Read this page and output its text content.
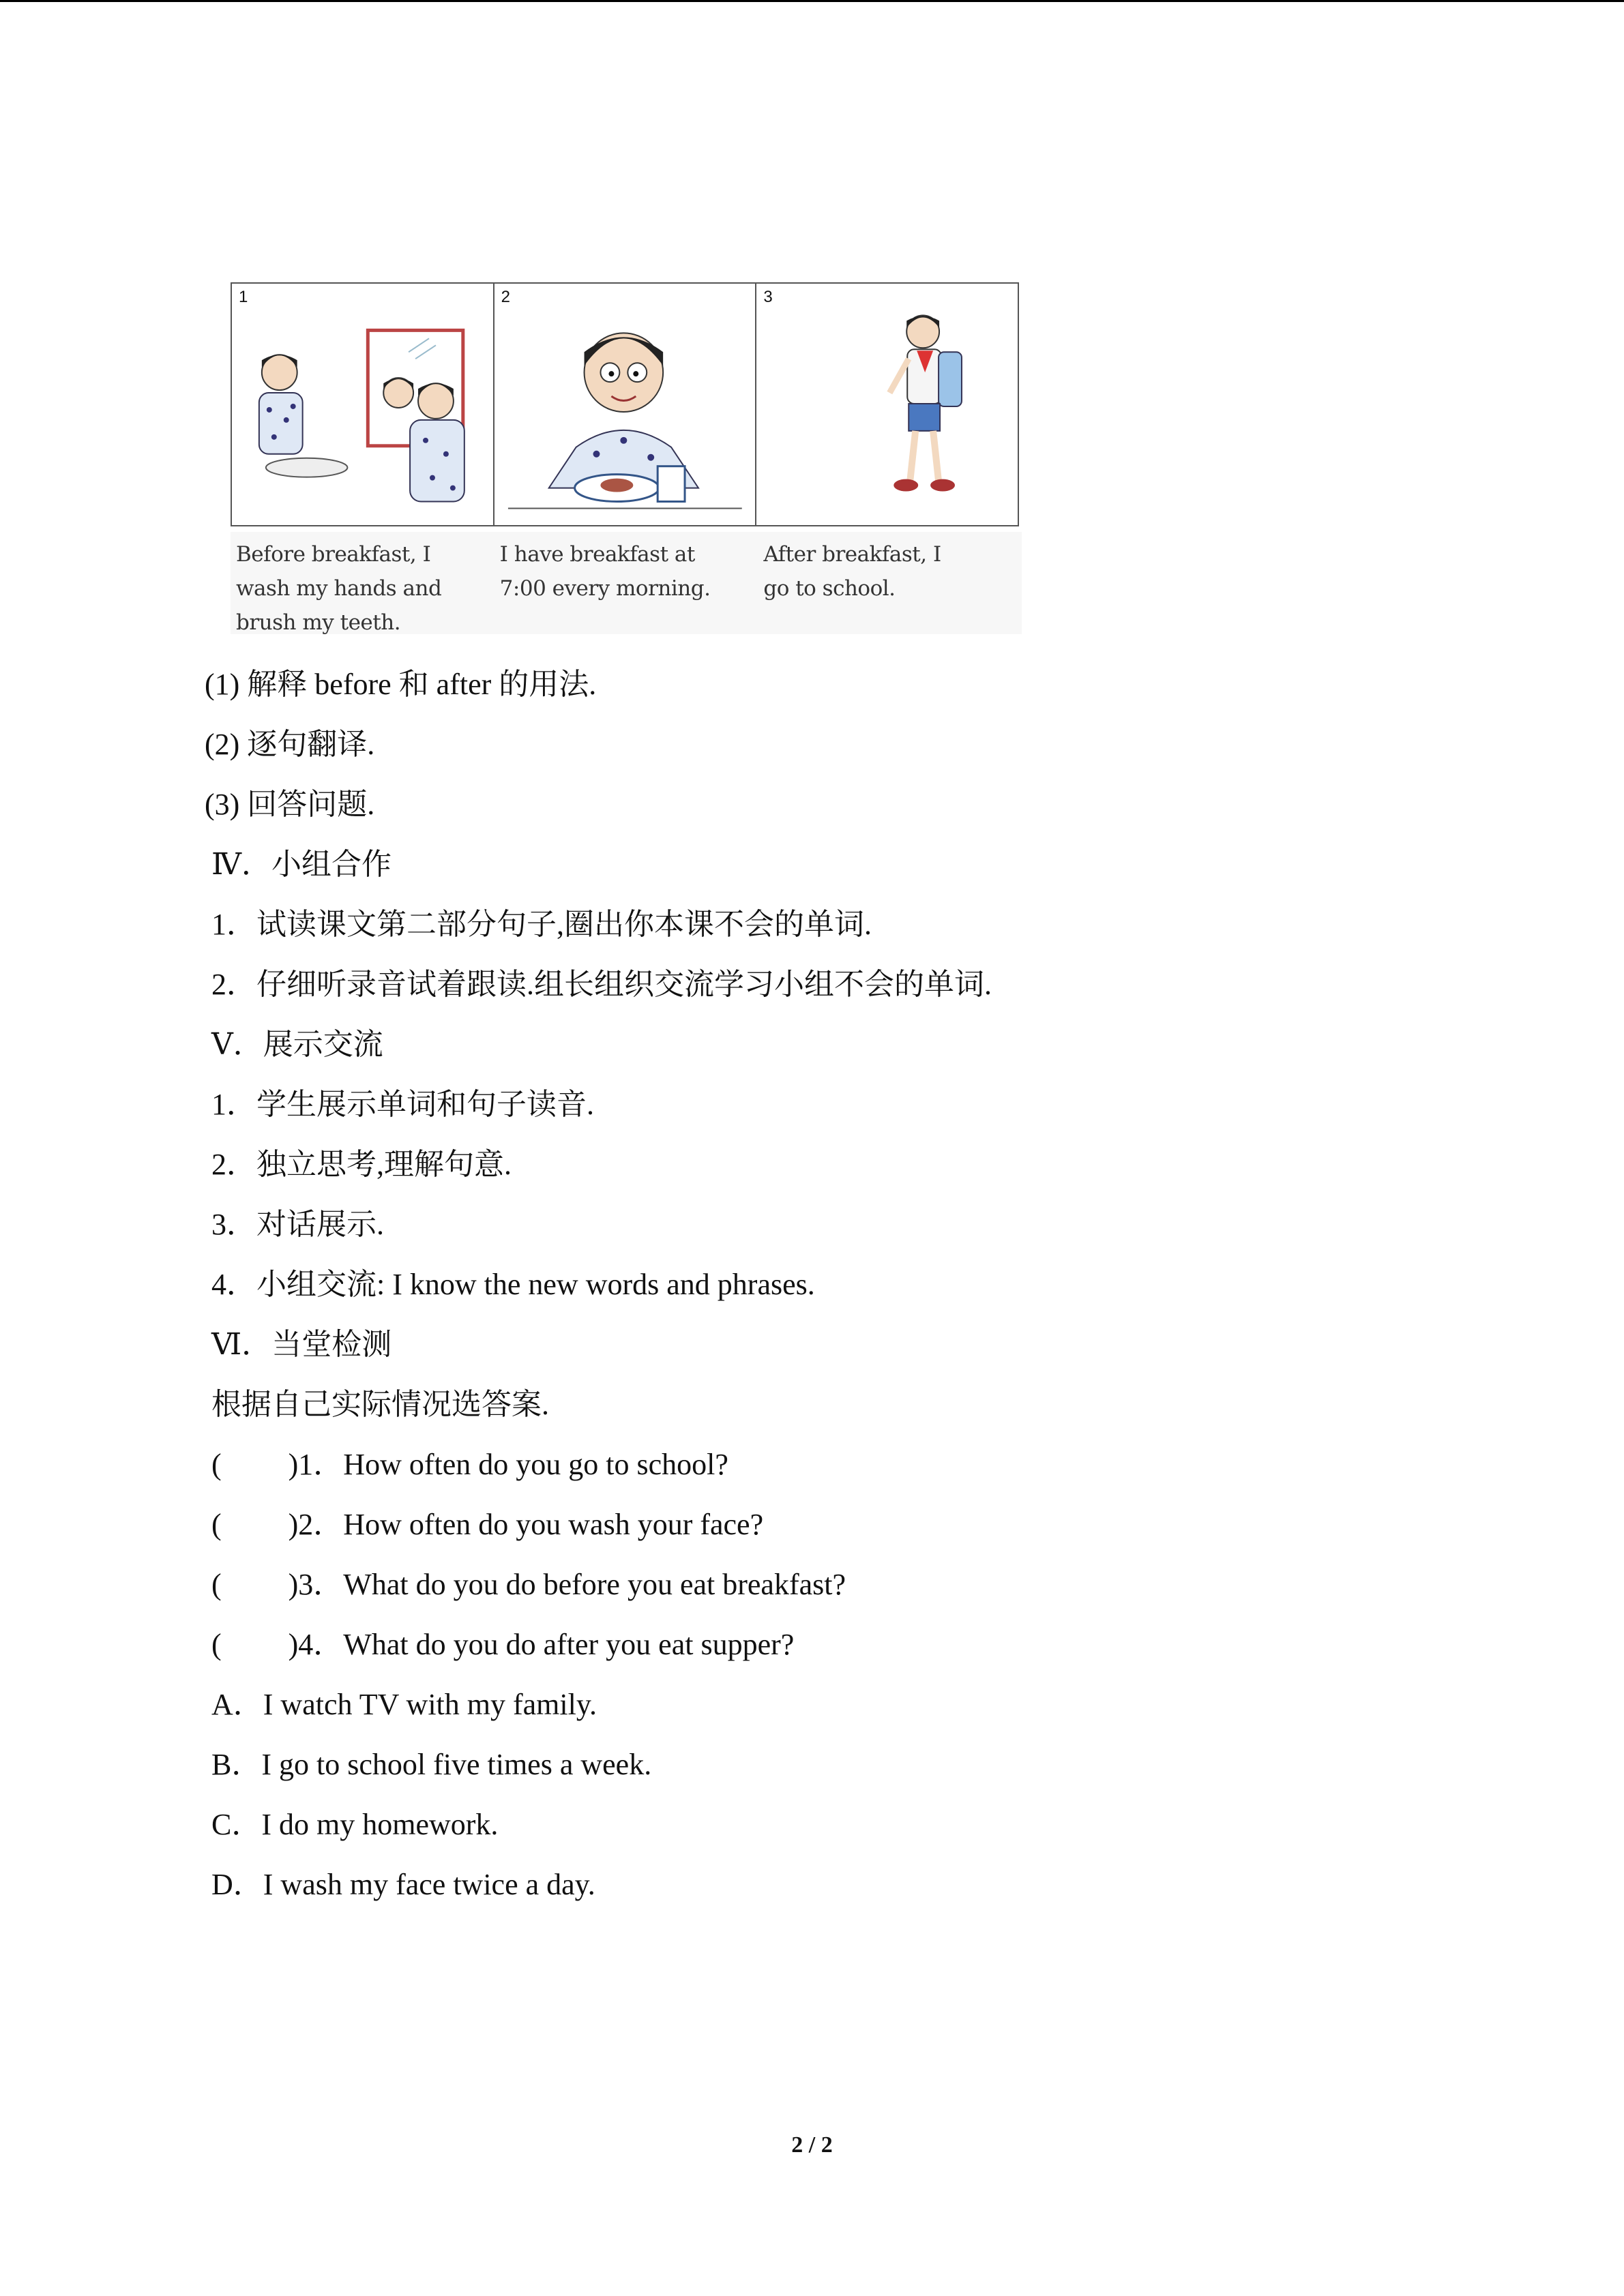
1	2	3
Before breakfast, I
wash my hands and
brush my teeth.
I have breakfast at
7:00 every morning.
After breakfast, I
go to school.
(1) 解释 before 和 after 的用法.
(2) 逐句翻译.
(3) 回答问题.
Ⅳ．小组合作
1．试读课文第二部分句子,圈出你本课不会的单词.
2．仔细听录音试着跟读.组长组织交流学习小组不会的单词.
Ⅴ．展示交流
1．学生展示单词和句子读音.
2．独立思考,理解句意.
3．对话展示.
4．小组交流: I know the new words and phrases.
Ⅵ．当堂检测
根据自己实际情况选答案.
( )1．How often do you go to school?
( )2．How often do you wash your face?
( )3．What do you do before you eat breakfast?
( )4．What do you do after you eat supper?
A．I watch TV with my family.
B．I go to school five times a week.
C．I do my homework.
D．I wash my face twice a day.
2 / 2
